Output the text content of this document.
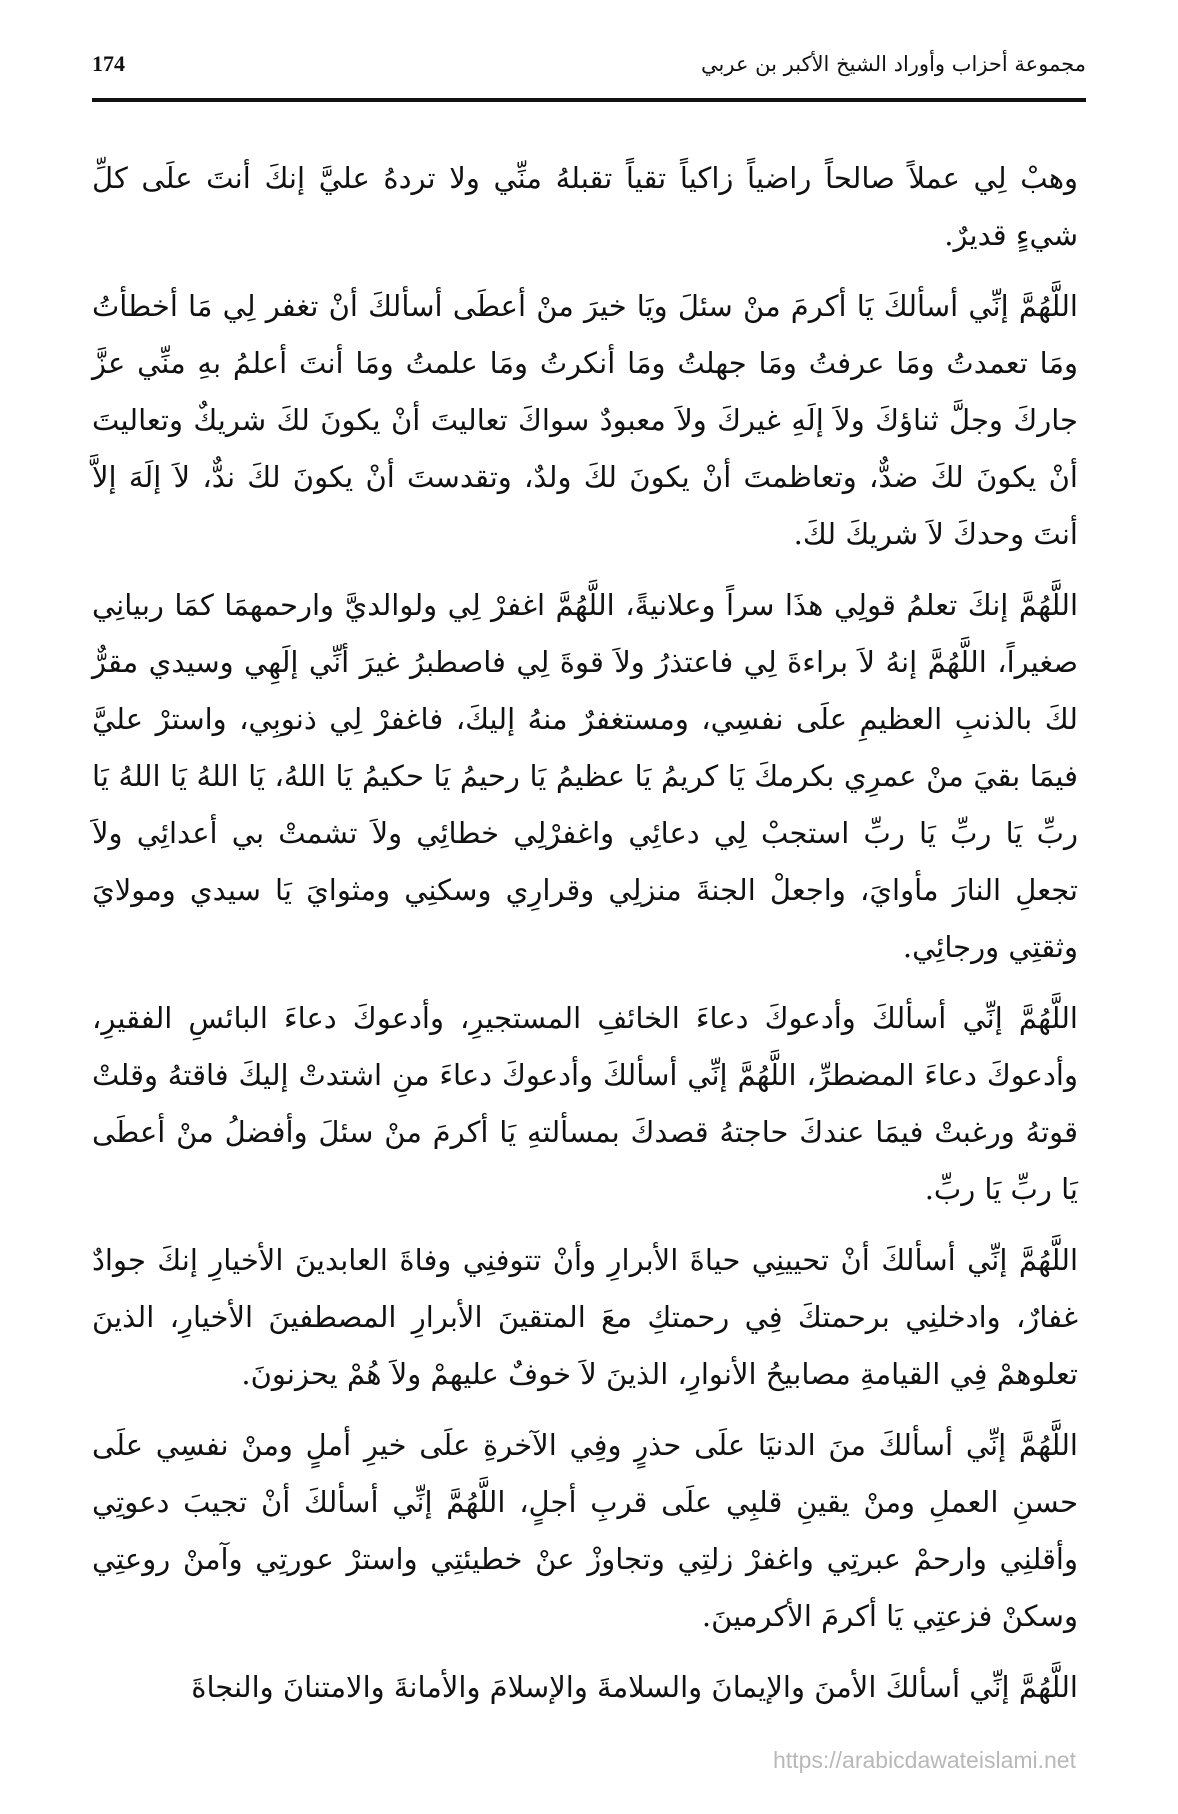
174	مجموعة أحزاب وأوراد الشيخ الأكبر بن عربي

وهبْ لِي عملاً صالحاً راضياً زاكياً تقياً تقبلهُ منِّي ولا تردهُ عليَّ إنكَ أنتَ علَى كلِّ شيءٍ قديرٌ.

اللَّهُمَّ إنِّي أسألكَ يَا أكرمَ منْ سئلَ ويَا خيرَ منْ أعطَى أسألكَ أنْ تغفر لِي مَا أخطأتُ ومَا تعمدتُ ومَا عرفتُ ومَا جهلتُ ومَا أنكرتُ ومَا علمتُ ومَا أنتَ أعلمُ بهِ منِّي عزَّ جاركَ وجلَّ ثناؤكَ ولاَ إلَهِ غيركَ ولاَ معبودٌ سواكَ تعاليتَ أنْ يكونَ لكَ شريكٌ وتعاليتَ أنْ يكونَ لكَ ضدٌّ، وتعاظمتَ أنْ يكونَ لكَ ولدٌ، وتقدستَ أنْ يكونَ لكَ ندٌّ، لاَ إلَهَ إلاَّ أنتَ وحدكَ لاَ شريكَ لكَ.

اللَّهُمَّ إنكَ تعلمُ قولِي هذَا سراً وعلانيةً، اللَّهُمَّ اغفرْ لِي ولوالديَّ وارحمهمَا كمَا ربيانِي صغيراً، اللَّهُمَّ إنهُ لاَ براءةَ لِي فاعتذرُ ولاَ قوةَ لِي فاصطبرُ غيرَ أنِّي إلَهِي وسيدي مقرٌّ لكَ بالذنبِ العظيمِ علَى نفسِي، ومستغفرٌ منهُ إليكَ، فاغفرْ لِي ذنوبِي، واسترْ عليَّ فيمَا بقيَ منْ عمرِي بكرمكَ يَا كريمُ يَا عظيمُ يَا رحيمُ يَا حكيمُ يَا اللهُ، يَا اللهُ يَا اللهُ يَا ربِّ يَا ربِّ يَا ربِّ استجبْ لِي دعائِي واغفرْلِي خطائِي ولاَ تشمتْ بي أعدائِي ولاَ تجعلِ النارَ مأوايَ، واجعلْ الجنةَ منزلِي وقرارِي وسكنِي ومثوايَ يَا سيدي ومولايَ وثقتِي ورجائِي.

اللَّهُمَّ إنِّي أسألكَ وأدعوكَ دعاءَ الخائفِ المستجيرِ، وأدعوكَ دعاءَ البائسِ الفقيرِ، وأدعوكَ دعاءَ المضطرِّ، اللَّهُمَّ إنِّي أسألكَ وأدعوكَ دعاءَ منِ اشتدتْ إليكَ فاقتهُ وقلتْ قوتهُ ورغبتْ فيمَا عندكَ حاجتهُ قصدكَ بمسألتهِ يَا أكرمَ منْ سئلَ وأفضلُ منْ أعطَى يَا ربِّ يَا ربِّ.

اللَّهُمَّ إنِّي أسألكَ أنْ تحيينِي حياةَ الأبرارِ وأنْ تتوفنِي وفاةَ العابدينَ الأخيارِ إنكَ جوادٌ غفارٌ، وادخلنِي برحمتكَ فِي رحمتكِ معَ المتقينَ الأبرارِ المصطفينَ الأخيارِ، الذينَ تعلوهمْ فِي القيامةِ مصابيحُ الأنوارِ، الذينَ لاَ خوفٌ عليهمْ ولاَ هُمْ يحزنونَ.

اللَّهُمَّ إنِّي أسألكَ منَ الدنيَا علَى حذرٍ وفِي الآخرةِ علَى خيرِ أملٍ ومنْ نفسِي علَى حسنِ العملِ ومنْ يقينِ قلبِي علَى قربِ أجلٍ، اللَّهُمَّ إنِّي أسألكَ أنْ تجيبَ دعوتِي وأقلنِي وارحمْ عبرتِي واغفرْ زلتِي وتجاوزْ عنْ خطيئتِي واسترْ عورتِي وآمنْ روعتِي وسكنْ فزعتِي يَا أكرمَ الأكرمينَ.

اللَّهُمَّ إنِّي أسألكَ الأمنَ والإيمانَ والسلامةَ والإسلامَ والأمانةَ والامتنانَ والنجاةَ

https://arabicdawateislami.net
